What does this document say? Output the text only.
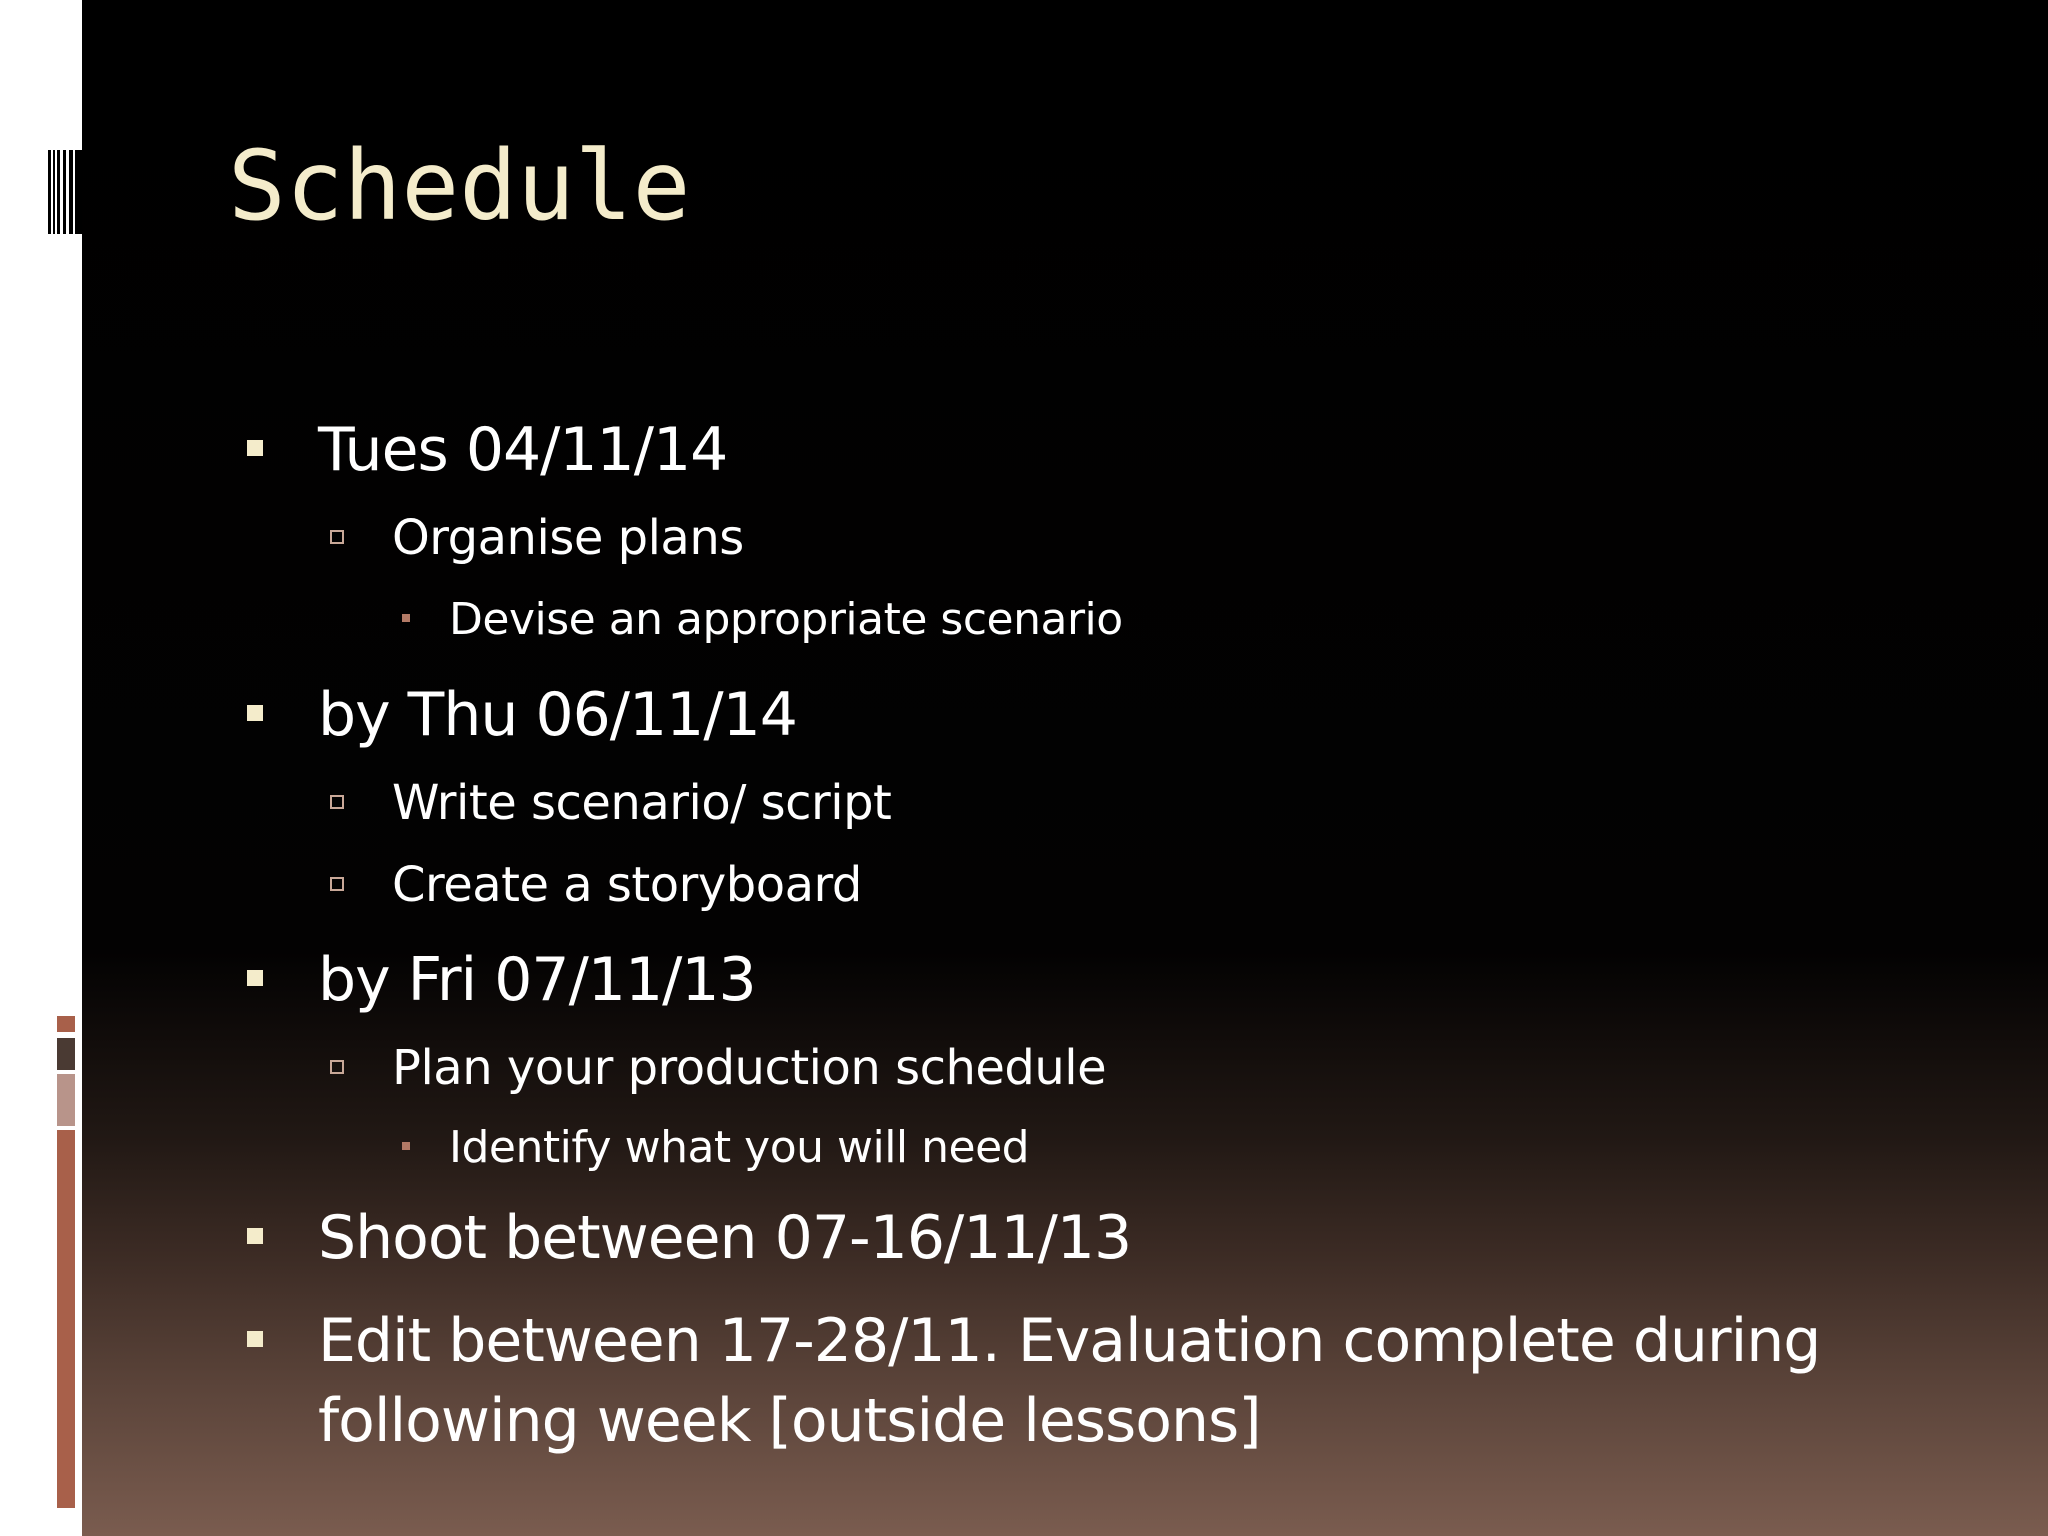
Schedule
Tues 04/11/14
Organise plans
Devise an appropriate scenario
by Thu 06/11/14
Write scenario/ script
Create a storyboard
by Fri 07/11/13
Plan your production schedule
Identify what you will need
Shoot between 07-16/11/13
Edit between 17-28/11. Evaluation complete during
following week [outside lessons]
